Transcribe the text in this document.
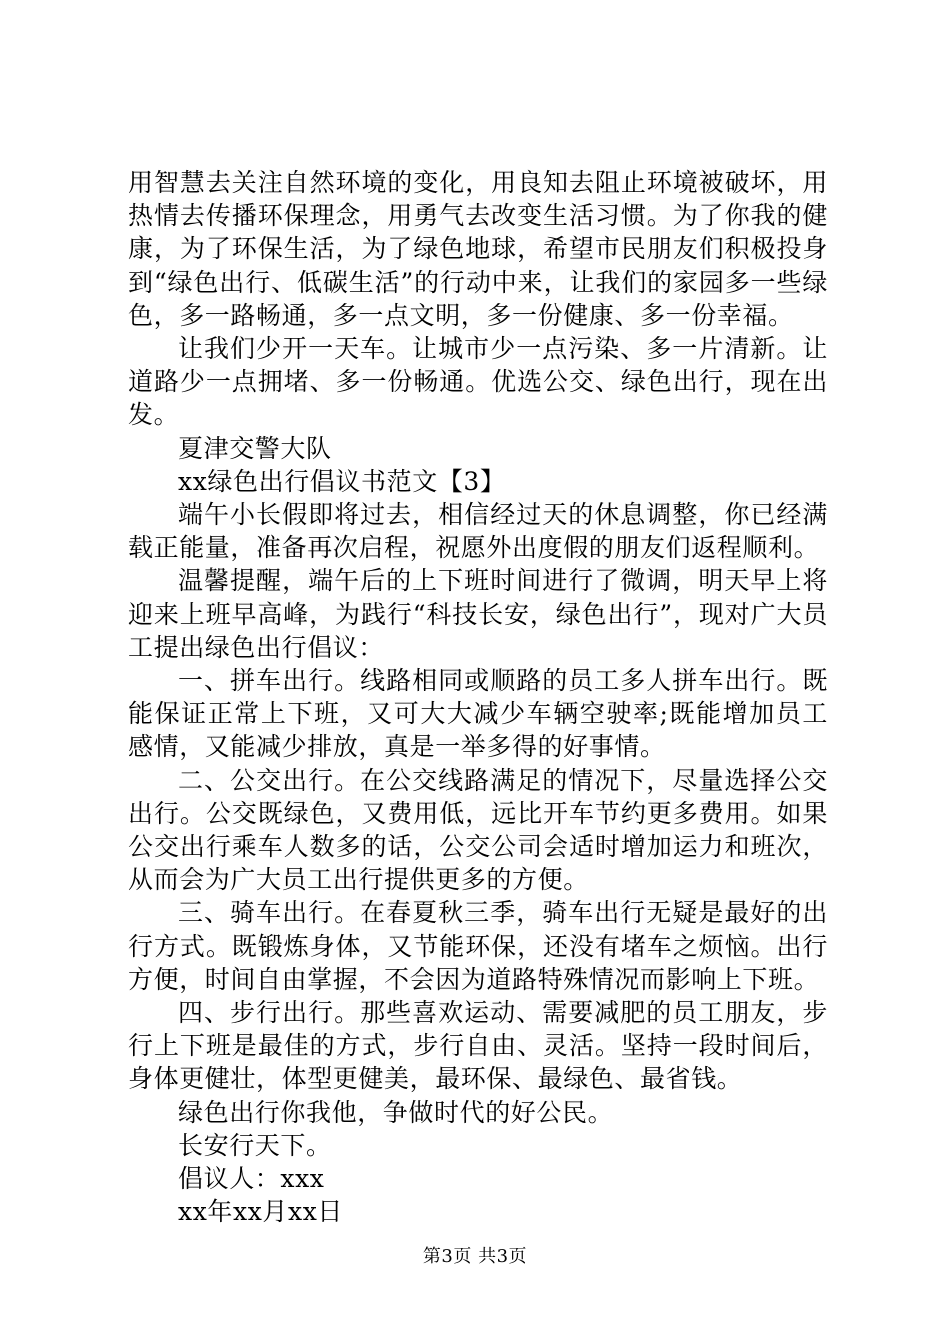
用智慧去关注自然环境的变化，用良知去阻止环境被破坏，用热情去传播环保理念，用勇气去改变生活习惯。为了你我的健康，为了环保生活，为了绿色地球，希望市民朋友们积极投身到“绿色出行、低碳生活”的行动中来，让我们的家园多一些绿色，多一路畅通，多一点文明，多一份健康、多一份幸福。

让我们少开一天车。让城市少一点污染、多一片清新。让道路少一点拥堵、多一份畅通。优选公交、绿色出行，现在出发。

夏津交警大队

xx绿色出行倡议书范文【3】

端午小长假即将过去，相信经过天的休息调整，你已经满载正能量，准备再次启程，祝愿外出度假的朋友们返程顺利。

温馨提醒，端午后的上下班时间进行了微调，明天早上将迎来上班早高峰，为践行“科技长安，绿色出行”，现对广大员工提出绿色出行倡议：

一、拼车出行。线路相同或顺路的员工多人拼车出行。既能保证正常上下班，又可大大减少车辆空驶率;既能增加员工感情，又能减少排放，真是一举多得的好事情。

二、公交出行。在公交线路满足的情况下，尽量选择公交出行。公交既绿色，又费用低，远比开车节约更多费用。如果公交出行乘车人数多的话，公交公司会适时增加运力和班次，从而会为广大员工出行提供更多的方便。

三、骑车出行。在春夏秋三季，骑车出行无疑是最好的出行方式。既锻炼身体，又节能环保，还没有堵车之烦恼。出行方便，时间自由掌握，不会因为道路特殊情况而影响上下班。

四、步行出行。那些喜欢运动、需要减肥的员工朋友，步行上下班是最佳的方式，步行自由、灵活。坚持一段时间后，身体更健壮，体型更健美，最环保、最绿色、最省钱。

绿色出行你我他，争做时代的好公民。

长安行天下。

倡议人：xxx

xx年xx月xx日

第3页 共3页
